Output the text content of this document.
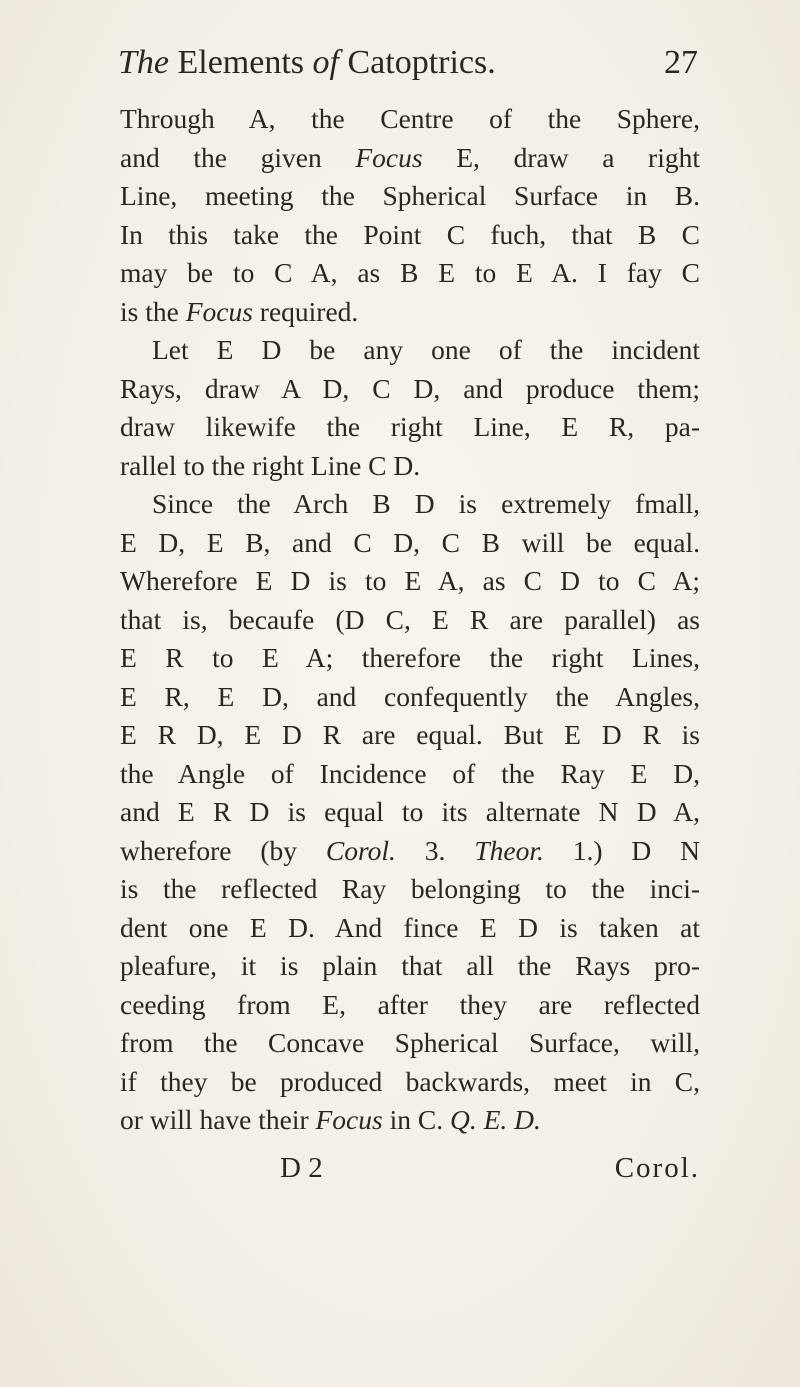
The Elements of Catoptrics.	27
Through A, the Centre of the Sphere,
and the given Focus E, draw a right
Line, meeting the Spherical Surface in B.
In this take the Point C fuch, that B C
may be to C A, as B E to E A. I fay C
is the Focus required.
Let E D be any one of the incident
Rays, draw A D, C D, and produce them;
draw likewife the right Line, E R, pa-
rallel to the right Line C D.
Since the Arch B D is extremely fmall,
E D, E B, and C D, C B will be equal.
Wherefore E D is to E A, as C D to C A;
that is, becaufe (D C, E R are parallel) as
E R to E A; therefore the right Lines,
E R, E D, and confequently the Angles,
E R D, E D R are equal. But E D R is
the Angle of Incidence of the Ray E D,
and E R D is equal to its alternate N D A,
wherefore (by Corol. 3. Theor. 1.) D N
is the reflected Ray belonging to the inci-
dent one E D. And fince E D is taken at
pleafure, it is plain that all the Rays pro-
ceeding from E, after they are reflected
from the Concave Spherical Surface, will,
if they be produced backwards, meet in C,
or will have their Focus in C. Q. E. D.
D 2	Corol.
